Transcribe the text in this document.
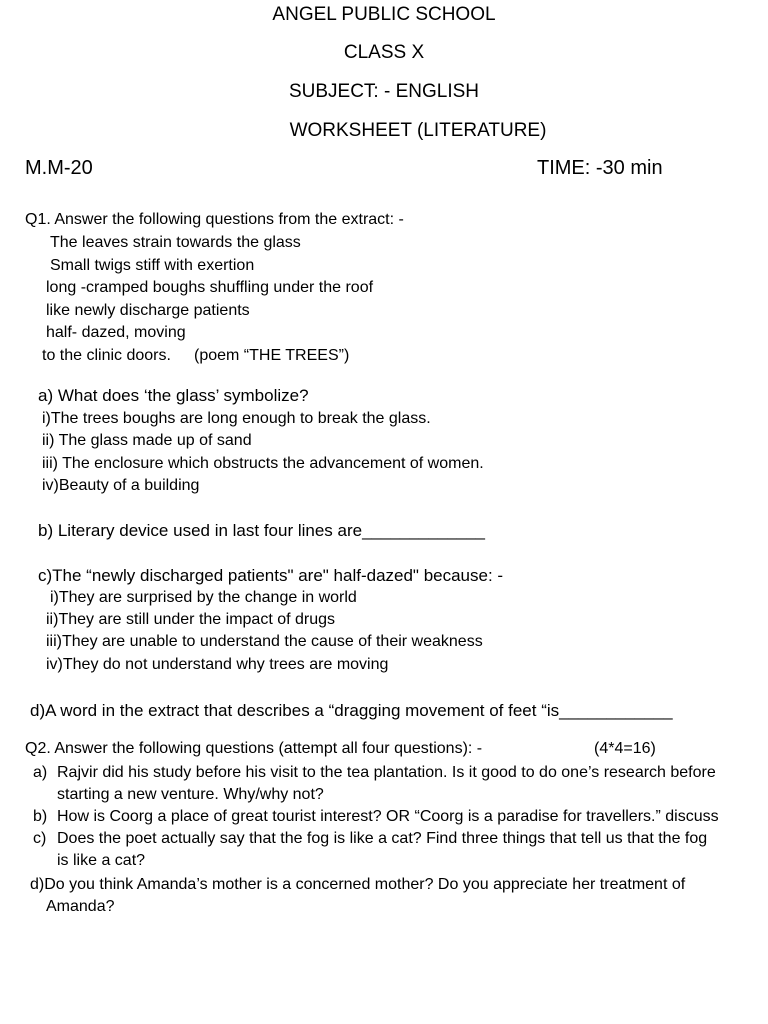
ANGEL PUBLIC SCHOOL
CLASS X
SUBJECT: - ENGLISH
WORKSHEET (LITERATURE)
M.M-20	TIME: -30 min
Q1. Answer the following questions from the extract: -
The leaves strain towards the glass
Small twigs stiff with exertion
long -cramped boughs shuffling under the roof
like newly discharge patients
half- dazed, moving
to the clinic doors. (poem “THE TREES”)
a) What does ‘the glass’ symbolize?
i)The trees boughs are long enough to break the glass.
ii) The glass made up of sand
iii) The enclosure which obstructs the advancement of women.
iv)Beauty of a building
b) Literary device used in last four lines are_____________
c)The “newly discharged patients" are" half-dazed" because: -
i)They are surprised by the change in world
ii)They are still under the impact of drugs
iii)They are unable to understand the cause of their weakness
iv)They do not understand why trees are moving
d)A word in the extract that describes a “dragging movement of feet “is____________
Q2. Answer the following questions (attempt all four questions): -	(4*4=16)
a) Rajvir did his study before his visit to the tea plantation. Is it good to do one’s research before
starting a new venture. Why/why not?
b) How is Coorg a place of great tourist interest? OR “Coorg is a paradise for travellers.” discuss
c) Does the poet actually say that the fog is like a cat? Find three things that tell us that the fog
is like a cat?
d)Do you think Amanda’s mother is a concerned mother? Do you appreciate her treatment of
Amanda?
